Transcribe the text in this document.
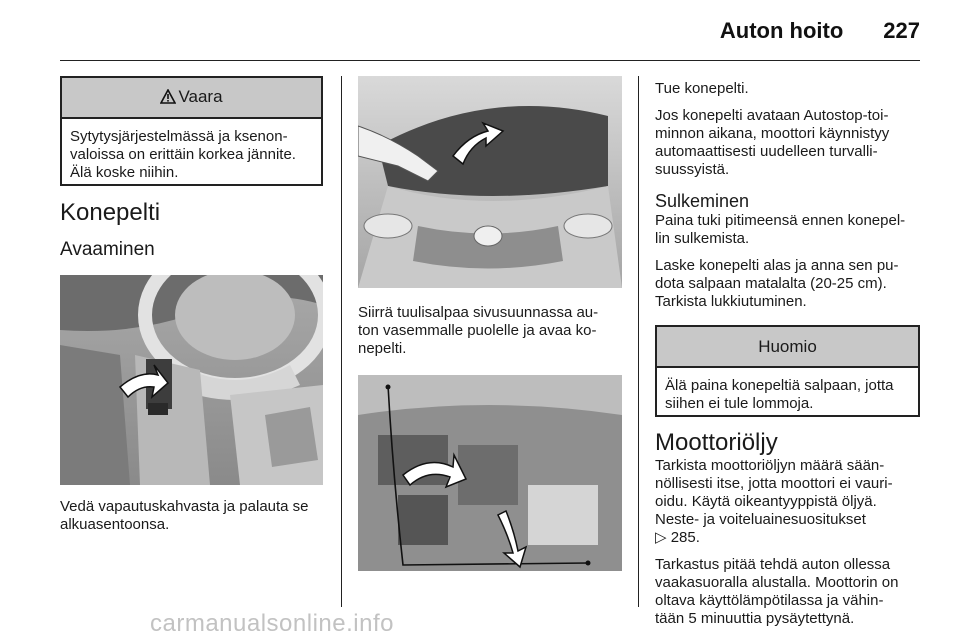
Auton hoito 227
Vaara
Sytytysjärjestelmässä ja ksenon-
valoissa on erittäin korkea jännite.
Älä koske niihin.
Konepelti
Avaaminen
Vedä vapautuskahvasta ja palauta se
alkuasentoonsa.
Siirrä tuulisalpaa sivusuunnassa au-
ton vasemmalle puolelle ja avaa ko-
nepelti.
Tue konepelti.
Jos konepelti avataan Autostop-toi-
minnon aikana, moottori käynnistyy
automaattisesti uudelleen turvalli-
suussyistä.
Sulkeminen
Paina tuki pitimeensä ennen konepel-
lin sulkemista.
Laske konepelti alas ja anna sen pu-
dota salpaan matalalta (20-25 cm).
Tarkista lukkiutuminen.
Huomio
Älä paina konepeltiä salpaan, jotta
siihen ei tule lommoja.
Moottoriöljy
Tarkista moottoriöljyn määrä sään-
nöllisesti itse, jotta moottori ei vauri-
oidu. Käytä oikeantyyppistä öljyä.
Neste- ja voiteluainesuositukset
▷ 285.
Tarkastus pitää tehdä auton ollessa
vaakasuoralla alustalla. Moottorin on
oltava käyttölämpötilassa ja vähin-
tään 5 minuuttia pysäytettynä.
carmanualsonline.info
